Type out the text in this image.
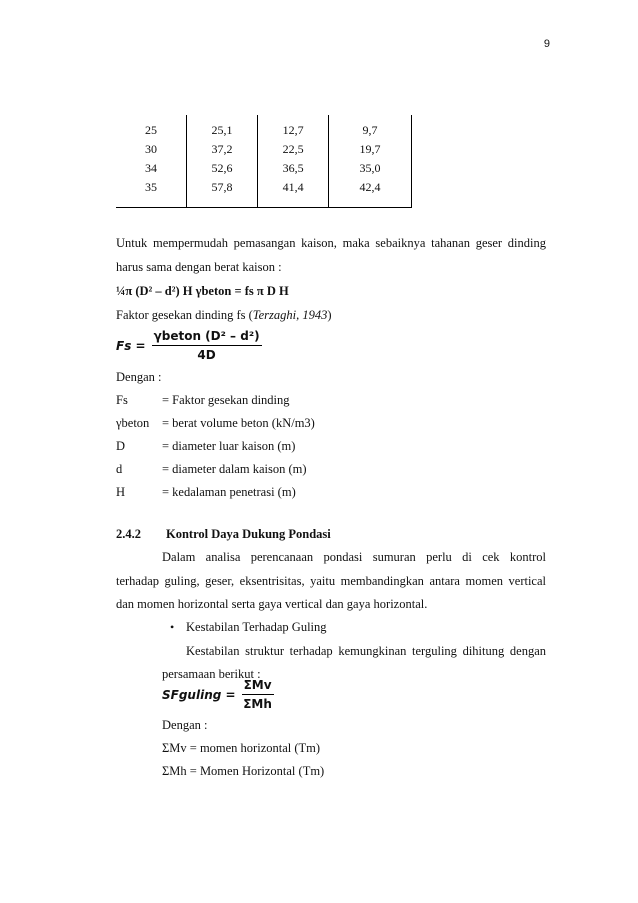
9
25	25,1	12,7	9,7
30	37,2	22,5	19,7
34	52,6	36,5	35,0
35	57,8	41,4	42,4
Untuk mempermudah pemasangan kaison, maka sebaiknya tahanan geser dinding
harus sama dengan berat kaison :
¼π (D² – d²) H γbeton = fs π D H
Faktor gesekan dinding fs (Terzaghi, 1943)
$Fs = \frac{\text{γbeton (D² – d²)}}{4D}$
Dengan :
Fs	= Faktor gesekan dinding
γbeton = berat volume beton (kN/m3)
D	= diameter luar kaison (m)
d	= diameter dalam kaison (m)
H	= kedalaman penetrasi (m)
2.4.2 Kontrol Daya Dukung Pondasi
Dalam analisa perencanaan pondasi sumuran perlu di cek kontrol
terhadap guling, geser, eksentrisitas, yaitu membandingkan antara momen vertical
dan momen horizontal serta gaya vertical dan gaya horizontal.
• Kestabilan Terhadap Guling
Kestabilan struktur terhadap kemungkinan terguling dihitung dengan
persamaan berikut :
SFguling = $\frac{\text{ΣMv}}{\text{ΣMh}}$
Dengan :
ΣMv = momen horizontal (Tm)
ΣMh = Momen Horizontal (Tm)
